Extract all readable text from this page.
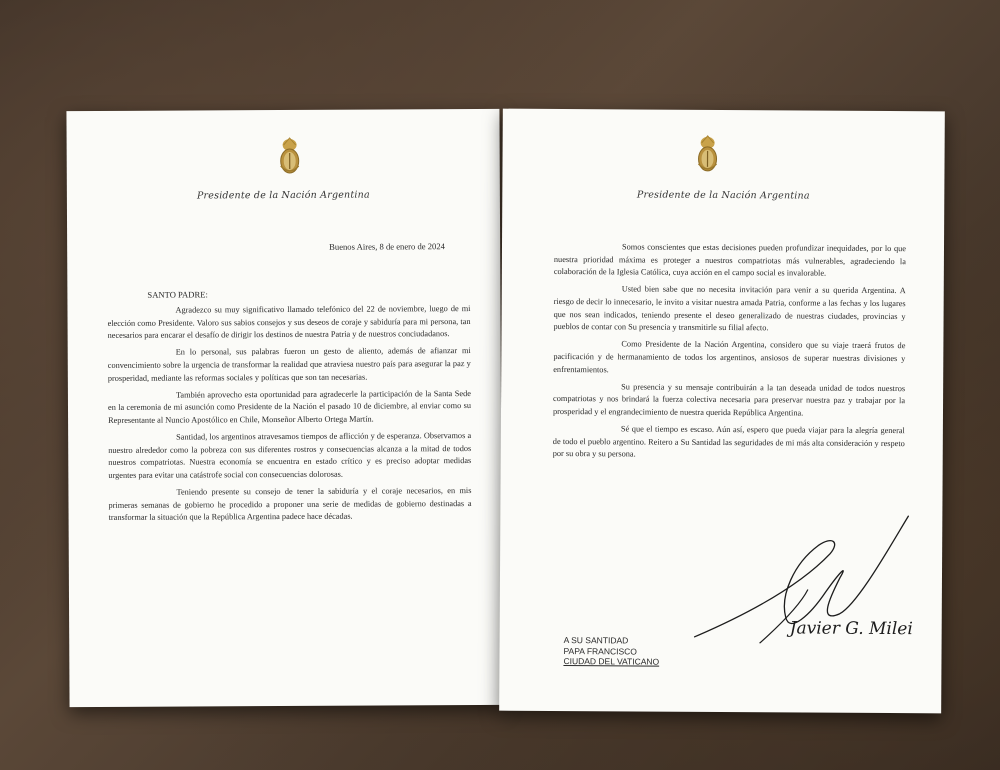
Presidente de la Nación Argentina
Buenos Aires, 8 de enero de 2024
SANTO PADRE:

Agradezco su muy significativo llamado telefónico del 22 de noviembre, luego de mi elección como Presidente. Valoro sus sabios consejos y sus deseos de coraje y sabiduría para mi persona, tan necesarios para encarar el desafío de dirigir los destinos de nuestra Patria y de nuestros conciudadanos.

En lo personal, sus palabras fueron un gesto de aliento, además de afianzar mi convencimiento sobre la urgencia de transformar la realidad que atraviesa nuestro país para asegurar la paz y prosperidad, mediante las reformas sociales y políticas que son tan necesarias.

También aprovecho esta oportunidad para agradecerle la participación de la Santa Sede en la ceremonia de mi asunción como Presidente de la Nación el pasado 10 de diciembre, al enviar como su Representante al Nuncio Apostólico en Chile, Monseñor Alberto Ortega Martín.

Santidad, los argentinos atravesamos tiempos de aflicción y de esperanza. Observamos a nuestro alrededor como la pobreza con sus diferentes rostros y consecuencias alcanza a la mitad de todos nuestros compatriotas. Nuestra economía se encuentra en estado crítico y es preciso adoptar medidas urgentes para evitar una catástrofe social con consecuencias dolorosas.

Teniendo presente su consejo de tener la sabiduría y el coraje necesarios, en mis primeras semanas de gobierno he procedido a proponer una serie de medidas de gobierno destinadas a transformar la situación que la República Argentina padece hace décadas.

Presidente de la Nación Argentina

Somos conscientes que estas decisiones pueden profundizar inequidades, por lo que nuestra prioridad máxima es proteger a nuestros compatriotas más vulnerables, agradeciendo la colaboración de la Iglesia Católica, cuya acción en el campo social es invalorable.

Usted bien sabe que no necesita invitación para venir a su querida Argentina. A riesgo de decir lo innecesario, le invito a visitar nuestra amada Patria, conforme a las fechas y los lugares que nos sean indicados, teniendo presente el deseo generalizado de nuestras ciudades, provincias y pueblos de contar con Su presencia y transmitirle su filial afecto.

Como Presidente de la Nación Argentina, considero que su viaje traerá frutos de pacificación y de hermanamiento de todos los argentinos, ansiosos de superar nuestras divisiones y enfrentamientos.

Su presencia y su mensaje contribuirán a la tan deseada unidad de todos nuestros compatriotas y nos brindará la fuerza colectiva necesaria para preservar nuestra paz y trabajar por la prosperidad y el engrandecimiento de nuestra querida República Argentina.

Sé que el tiempo es escaso. Aún así, espero que pueda viajar para la alegría general de todo el pueblo argentino. Reitero a Su Santidad las seguridades de mi más alta consideración y respeto por su obra y su persona.

Javier G. Milei
A SU SANTIDAD
PAPA FRANCISCO
CIUDAD DEL VATICANO
